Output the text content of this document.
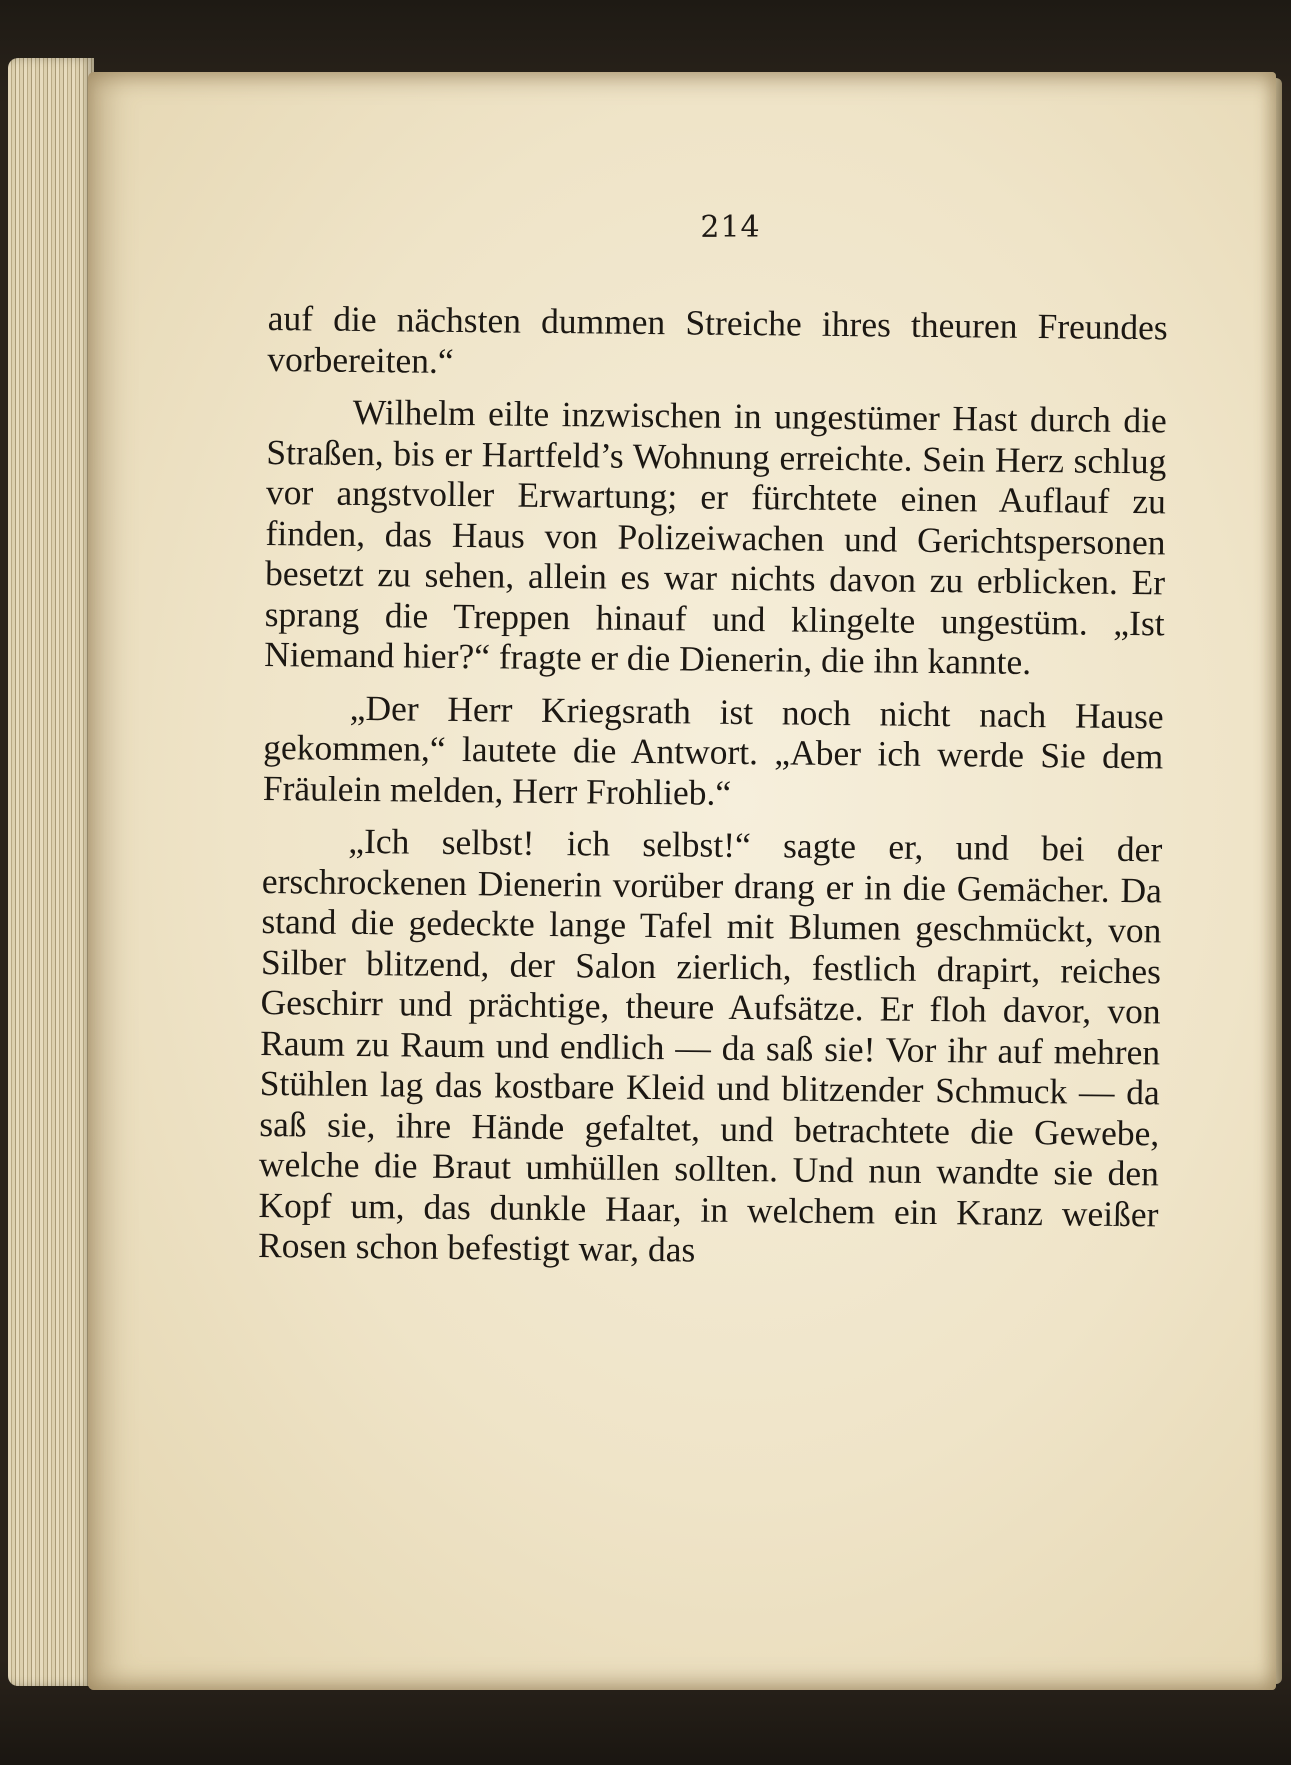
214

auf die nächsten dummen Streiche ihres theuren Freundes vorbereiten.“

Wilhelm eilte inzwischen in ungestümer Hast durch die Straßen, bis er Hartfeld’s Wohnung erreichte. Sein Herz schlug vor angstvoller Erwartung; er fürchtete einen Auflauf zu finden, das Haus von Polizeiwachen und Gerichtspersonen besetzt zu sehen, allein es war nichts davon zu erblicken. Er sprang die Treppen hinauf und klingelte ungestüm. „Ist Niemand hier?“ fragte er die Dienerin, die ihn kannte.

„Der Herr Kriegsrath ist noch nicht nach Hause gekommen,“ lautete die Antwort. „Aber ich werde Sie dem Fräulein melden, Herr Frohlieb.“

„Ich selbst! ich selbst!“ sagte er, und bei der erschrockenen Dienerin vorüber drang er in die Gemächer. Da stand die gedeckte lange Tafel mit Blumen geschmückt, von Silber blitzend, der Salon zierlich, festlich drapirt, reiches Geschirr und prächtige, theure Aufsätze. Er floh davor, von Raum zu Raum und endlich — da saß sie! Vor ihr auf mehren Stühlen lag das kostbare Kleid und blitzender Schmuck — da saß sie, ihre Hände gefaltet, und betrachtete die Gewebe, welche die Braut umhüllen sollten. Und nun wandte sie den Kopf um, das dunkle Haar, in welchem ein Kranz weißer Rosen schon befestigt war, das
